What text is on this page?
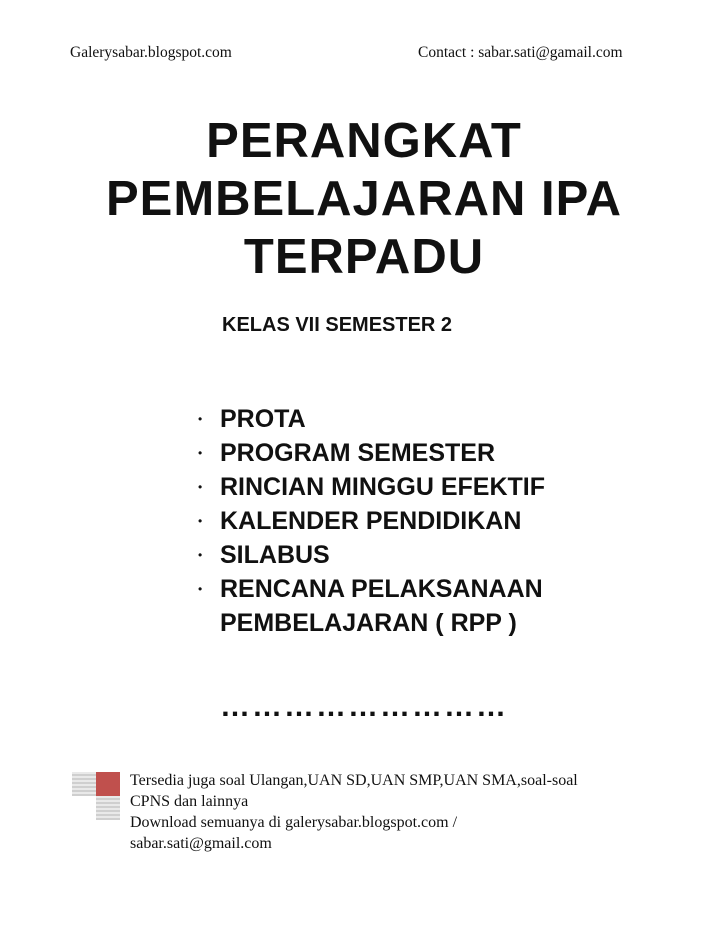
Galerysabar.blogspot.com	Contact : sabar.sati@gamail.com
PERANGKAT
PEMBELAJARAN IPA
TERPADU
KELAS VII SEMESTER 2
• PROTA
• PROGRAM SEMESTER
• RINCIAN MINGGU EFEKTIF
• KALENDER PENDIDIKAN
• SILABUS
• RENCANA PELAKSANAAN
PEMBELAJARAN ( RPP )
………………………
Tersedia juga soal Ulangan,UAN SD,UAN SMP,UAN SMA,soal-soal
CPNS dan lainnya
Download semuanya di galerysabar.blogspot.com /
sabar.sati@gmail.com
